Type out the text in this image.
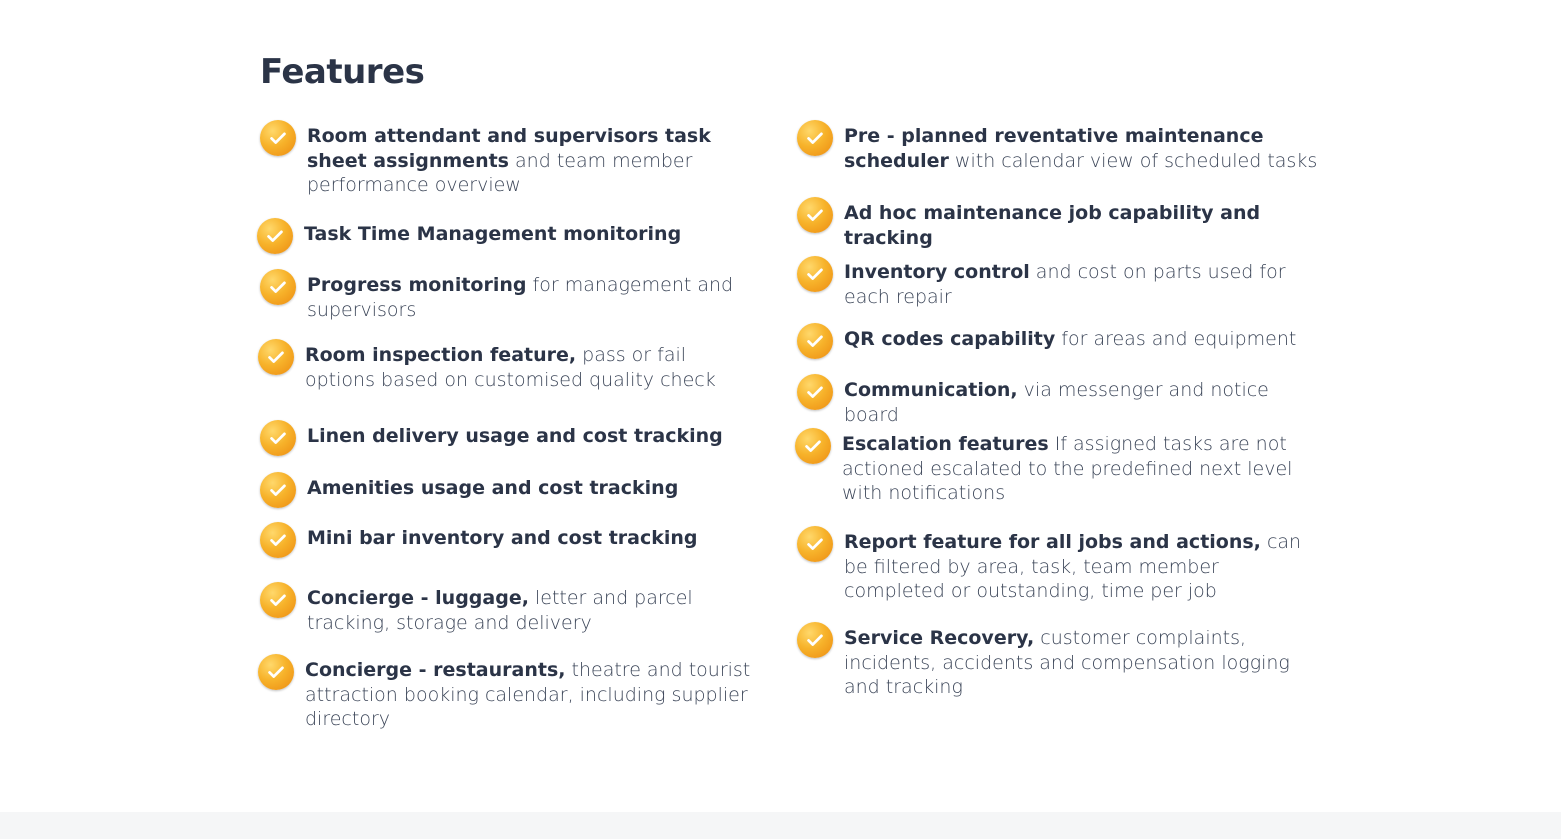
Features
Room attendant and supervisors task sheet assignments and team member performance overview
Task Time Management monitoring
Progress monitoring for management and supervisors
Room inspection feature, pass or fail options based on customised quality check
Linen delivery usage and cost tracking
Amenities usage and cost tracking
Mini bar inventory and cost tracking
Concierge - luggage, letter and parcel tracking, storage and delivery
Concierge - restaurants, theatre and tourist attraction booking calendar, including supplier directory
Pre - planned reventative maintenance scheduler with calendar view of scheduled tasks
Ad hoc maintenance job capability and tracking
Inventory control and cost on parts used for each repair
QR codes capability for areas and equipment
Communication, via messenger and notice board
Escalation features If assigned tasks are not actioned escalated to the predefined next level with notifications
Report feature for all jobs and actions, can be filtered by area, task, team member completed or outstanding, time per job
Service Recovery, customer complaints, incidents, accidents and compensation logging and tracking
